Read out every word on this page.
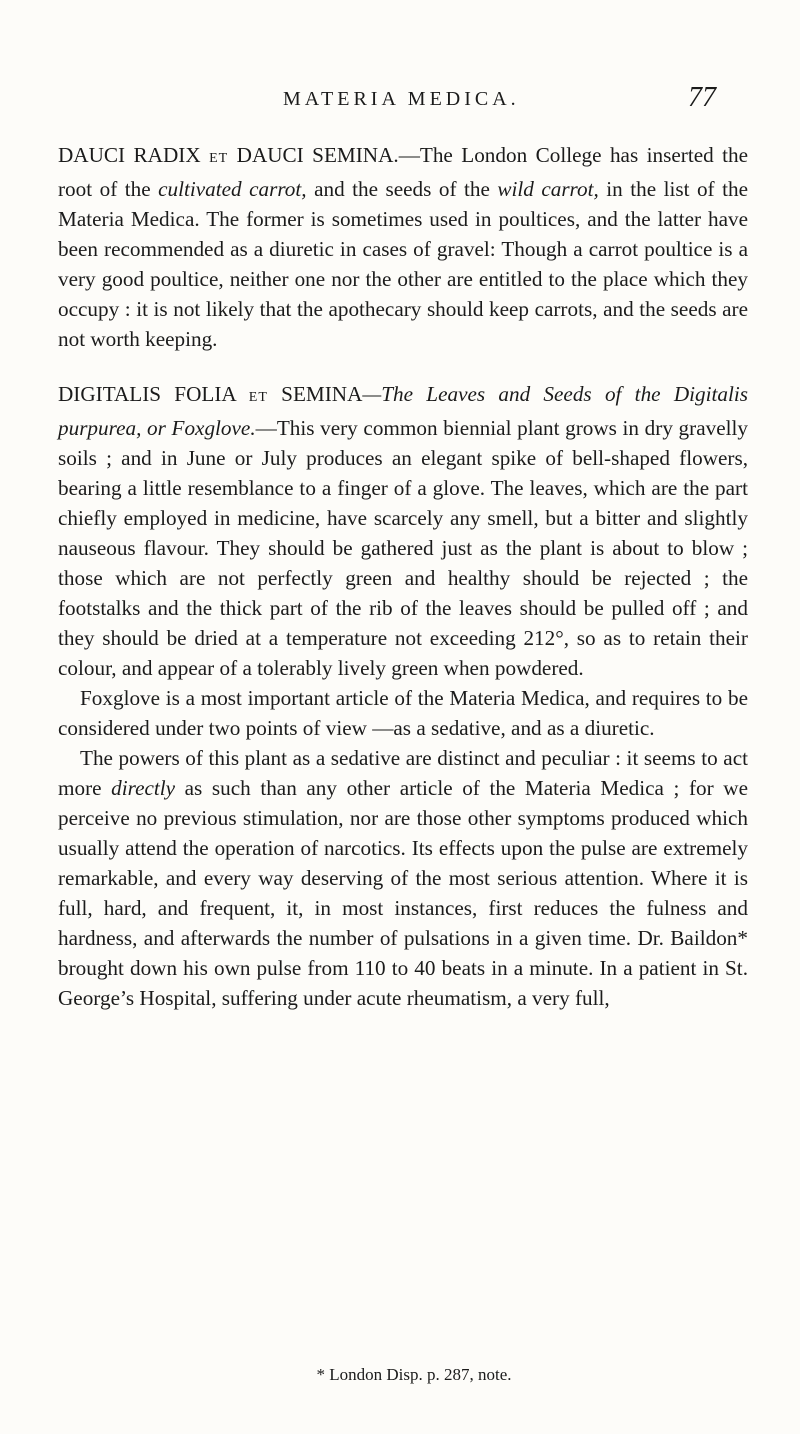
MATERIA MEDICA.	77

DAUCI RADIX ET DAUCI SEMINA.—The London College has inserted the root of the cultivated carrot, and the seeds of the wild carrot, in the list of the Materia Medica. The former is sometimes used in poultices, and the latter have been recommended as a diuretic in cases of gravel: Though a carrot poultice is a very good poultice, neither one nor the other are entitled to the place which they occupy : it is not likely that the apothecary should keep carrots, and the seeds are not worth keeping.

DIGITALIS FOLIA ET SEMINA—The Leaves and Seeds of the Digitalis purpurea, or Foxglove.—This very common biennial plant grows in dry gravelly soils ; and in June or July produces an elegant spike of bell-shaped flowers, bearing a little resemblance to a finger of a glove. The leaves, which are the part chiefly employed in medicine, have scarcely any smell, but a bitter and slightly nauseous flavour. They should be gathered just as the plant is about to blow ; those which are not perfectly green and healthy should be rejected ; the footstalks and the thick part of the rib of the leaves should be pulled off ; and they should be dried at a temperature not exceeding 212°, so as to retain their colour, and appear of a tolerably lively green when powdered.

Foxglove is a most important article of the Materia Medica, and requires to be considered under two points of view —as a sedative, and as a diuretic.

The powers of this plant as a sedative are distinct and peculiar : it seems to act more directly as such than any other article of the Materia Medica ; for we perceive no previous stimulation, nor are those other symptoms produced which usually attend the operation of narcotics. Its effects upon the pulse are extremely remarkable, and every way deserving of the most serious attention. Where it is full, hard, and frequent, it, in most instances, first reduces the fulness and hardness, and afterwards the number of pulsations in a given time. Dr. Baildon* brought down his own pulse from 110 to 40 beats in a minute. In a patient in St. George’s Hospital, suffering under acute rheumatism, a very full,

* London Disp. p. 287, note.
